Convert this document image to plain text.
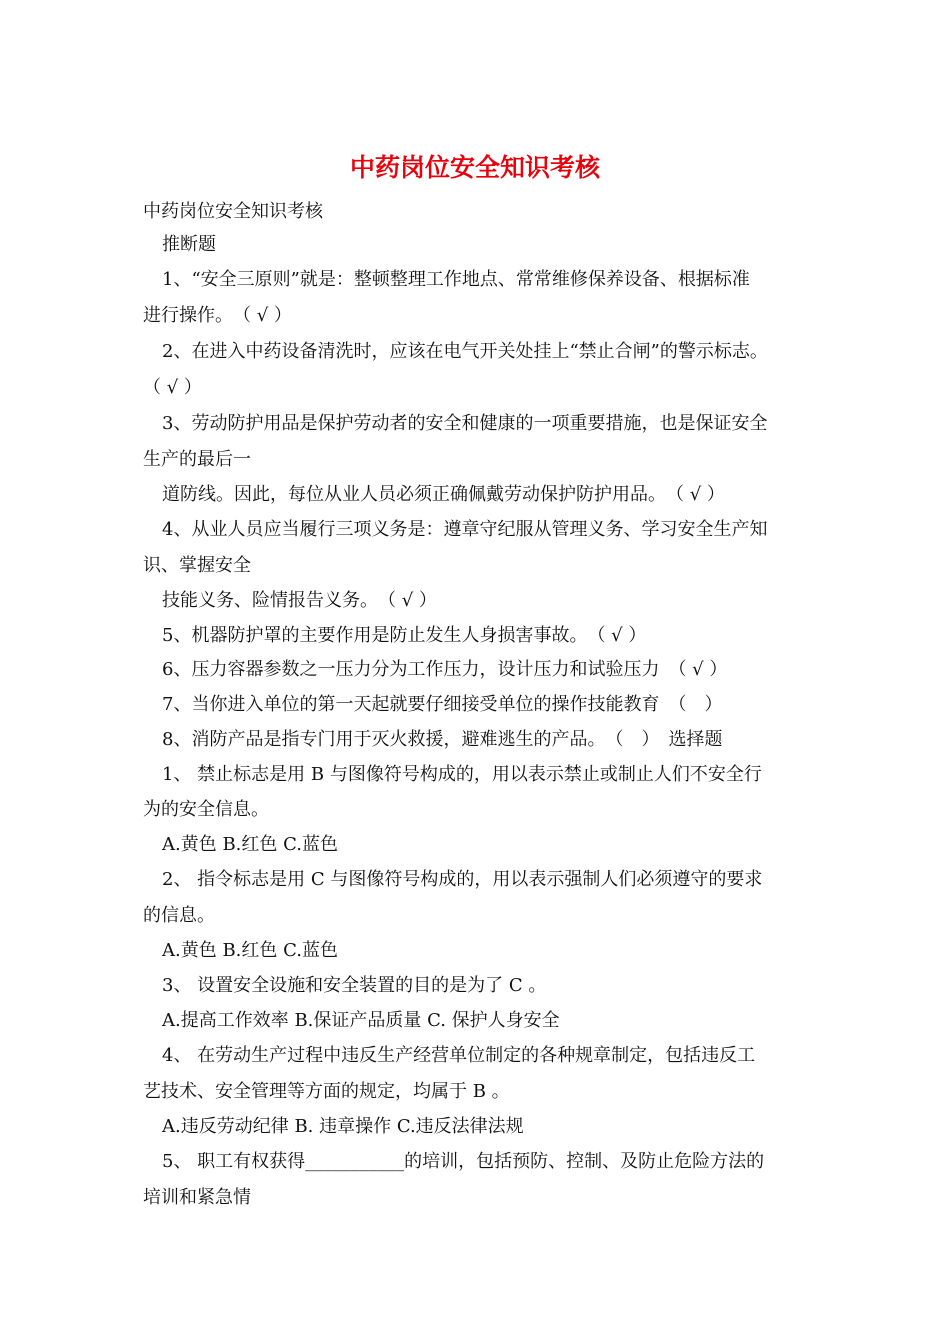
中药岗位安全知识考核
中药岗位安全知识考核
推断题
1、“安全三原则”就是：整顿整理工作地点、常常维修保养设备、根据标准
进行操作。　（ √ ）
2、在进入中药设备清洗时，应该在电气开关处挂上“禁止合闸”的警示标志。
（ √ ）
3、劳动防护用品是保护劳动者的安全和健康的一项重要措施，也是保证安全
生产的最后一
道防线。因此，每位从业人员必须正确佩戴劳动保护防护用品。　（ √ ）
4、从业人员应当履行三项义务是：遵章守纪服从管理义务、学习安全生产知
识、掌握安全
技能义务、险情报告义务。　（ √ ）
5、机器防护罩的主要作用是防止发生人身损害事故。　（ √ ）
6、压力容器参数之一压力分为工作压力，设计压力和试验压力　（ √ ）
7、当你进入单位的第一天起就要仔细接受单位的操作技能教育　（　）
8、消防产品是指专门用于灭火救援，避难逃生的产品。　（　）　选择题
1、 禁止标志是用 B 与图像符号构成的，用以表示禁止或制止人们不安全行
为的安全信息。
A.黄色 B.红色 C.蓝色
2、 指令标志是用 C 与图像符号构成的，用以表示强制人们必须遵守的要求
的信息。
A.黄色 B.红色 C.蓝色
3、 设置安全设施和安全装置的目的是为了 C 。
A.提高工作效率 B.保证产品质量 C. 保护人身安全
4、 在劳动生产过程中违反生产经营单位制定的各种规章制定，包括违反工
艺技术、安全管理等方面的规定，均属于 B 。
A.违反劳动纪律 B. 违章操作 C.违反法律法规
5、 职工有权获得___________的培训，包括预防、控制、及防止危险方法的
培训和紧急情
